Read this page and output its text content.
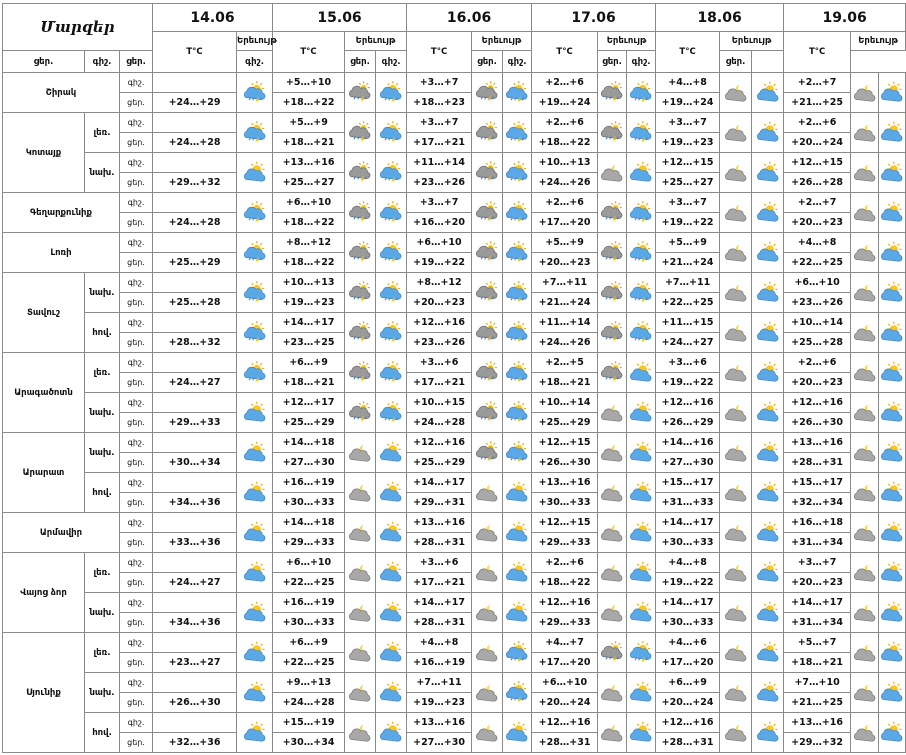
Մարզեր			14.06		15.06			16.06			17.06			18.06			19.06		
			T°C	Երեւույթ	T°C	Երեւույթ		T°C	Երեւույթ		T°C	Երեւույթ		T°C	Երեւույթ		T°C	Երեւույթ	
ցեր.	գիշ.	ցեր.		գիշ.		ցեր.	գիշ.		ցեր.	գիշ.		ցեր.	գիշ.		ցեր.				
Շիրակ		գիշ.			+5…+10			+3…+7			+2…+6			+4…+8			+2…+7	

		ցեր.	+24…+29		+18…+22			+18…+23			+19…+24			+19…+24			+21…+25		
Կոտայք	լեռ.	գիշ.			+5…+9			+3…+7			+2…+6			+3…+7			+2…+6	

		ցեր.	+24…+28		+18…+21			+17…+21			+18…+22			+19…+23			+20…+24		
	նախ.	գիշ.			+13…+16			+11…+14			+10…+13			+12…+15			+12…+15	

		ցեր.	+29…+32		+25…+27			+23…+26			+24…+26			+25…+27			+26…+28		
Գեղարքունիք		գիշ.			+6…+10			+3…+7			+2…+6			+3…+7			+2…+7	

		ցեր.	+24…+28		+18…+22			+16…+20			+17…+20			+19…+22			+20…+23		
Լոռի		գիշ.			+8…+12			+6…+10			+5…+9			+5…+9			+4…+8	

		ցեր.	+25…+29		+18…+22			+19…+22			+20…+23			+21…+24			+22…+25		
Տավուշ	նախ.	գիշ.			+10…+13			+8…+12			+7…+11			+7…+11			+6…+10	

		ցեր.	+25…+28		+19…+23			+20…+23			+21…+24			+22…+25			+23…+26		
	հով.	գիշ.			+14…+17			+12…+16			+11…+14			+11…+15			+10…+14	

		ցեր.	+28…+32		+23…+25			+23…+26			+24…+26			+24…+27			+25…+28		
Արագածոտն	լեռ.	գիշ.			+6…+9			+3…+6			+2…+5			+3…+6			+2…+6	

		ցեր.	+24…+27		+18…+21			+17…+21			+18…+21			+19…+22			+20…+23		
	նախ.	գիշ.			+12…+17			+10…+15			+10…+14			+12…+16			+12…+16	

		ցեր.	+29…+33		+25…+29			+24…+28			+25…+29			+26…+29			+26…+30		
Արարատ	նախ.	գիշ.			+14…+18			+12…+16			+12…+15			+14…+16			+13…+16	

		ցեր.	+30…+34		+27…+30			+25…+29			+26…+30			+27…+30			+28…+31		
	հով.	գիշ.			+16…+19			+14…+17			+13…+16			+15…+17			+15…+17	

		ցեր.	+34…+36		+30…+33			+29…+31			+30…+33			+31…+33			+32…+34		
Արմավիր		գիշ.			+14…+18			+13…+16			+12…+15			+14…+17			+16…+18	

		ցեր.	+33…+36		+29…+33			+28…+31			+29…+33			+30…+33			+31…+34		
Վայոց ձոր	լեռ.	գիշ.			+6…+10			+3…+6			+2…+6			+4…+8			+3…+7	

		ցեր.	+24…+27		+22…+25			+17…+21			+18…+22			+19…+22			+20…+23		
	նախ.	գիշ.			+16…+19			+14…+17			+12…+16			+14…+17			+14…+17	

		ցեր.	+34…+36		+30…+33			+28…+31			+29…+33			+30…+33			+31…+34		
Սյունիք	լեռ.	գիշ.			+6…+9			+4…+8			+4…+7			+4…+6			+5…+7	

		ցեր.	+23…+27		+22…+25			+16…+19			+17…+20			+17…+20			+18…+21		
	նախ.	գիշ.			+9…+13			+7…+11			+6…+10			+6…+9			+7…+10	

		ցեր.	+26…+30		+24…+28			+19…+23			+20…+24			+20…+24			+21…+25		
	հով.	գիշ.			+15…+19			+13…+16			+12…+16			+12…+16			+13…+16	

		ցեր.	+32…+36		+30…+34			+27…+30			+28…+31			+28…+31			+29…+32		
